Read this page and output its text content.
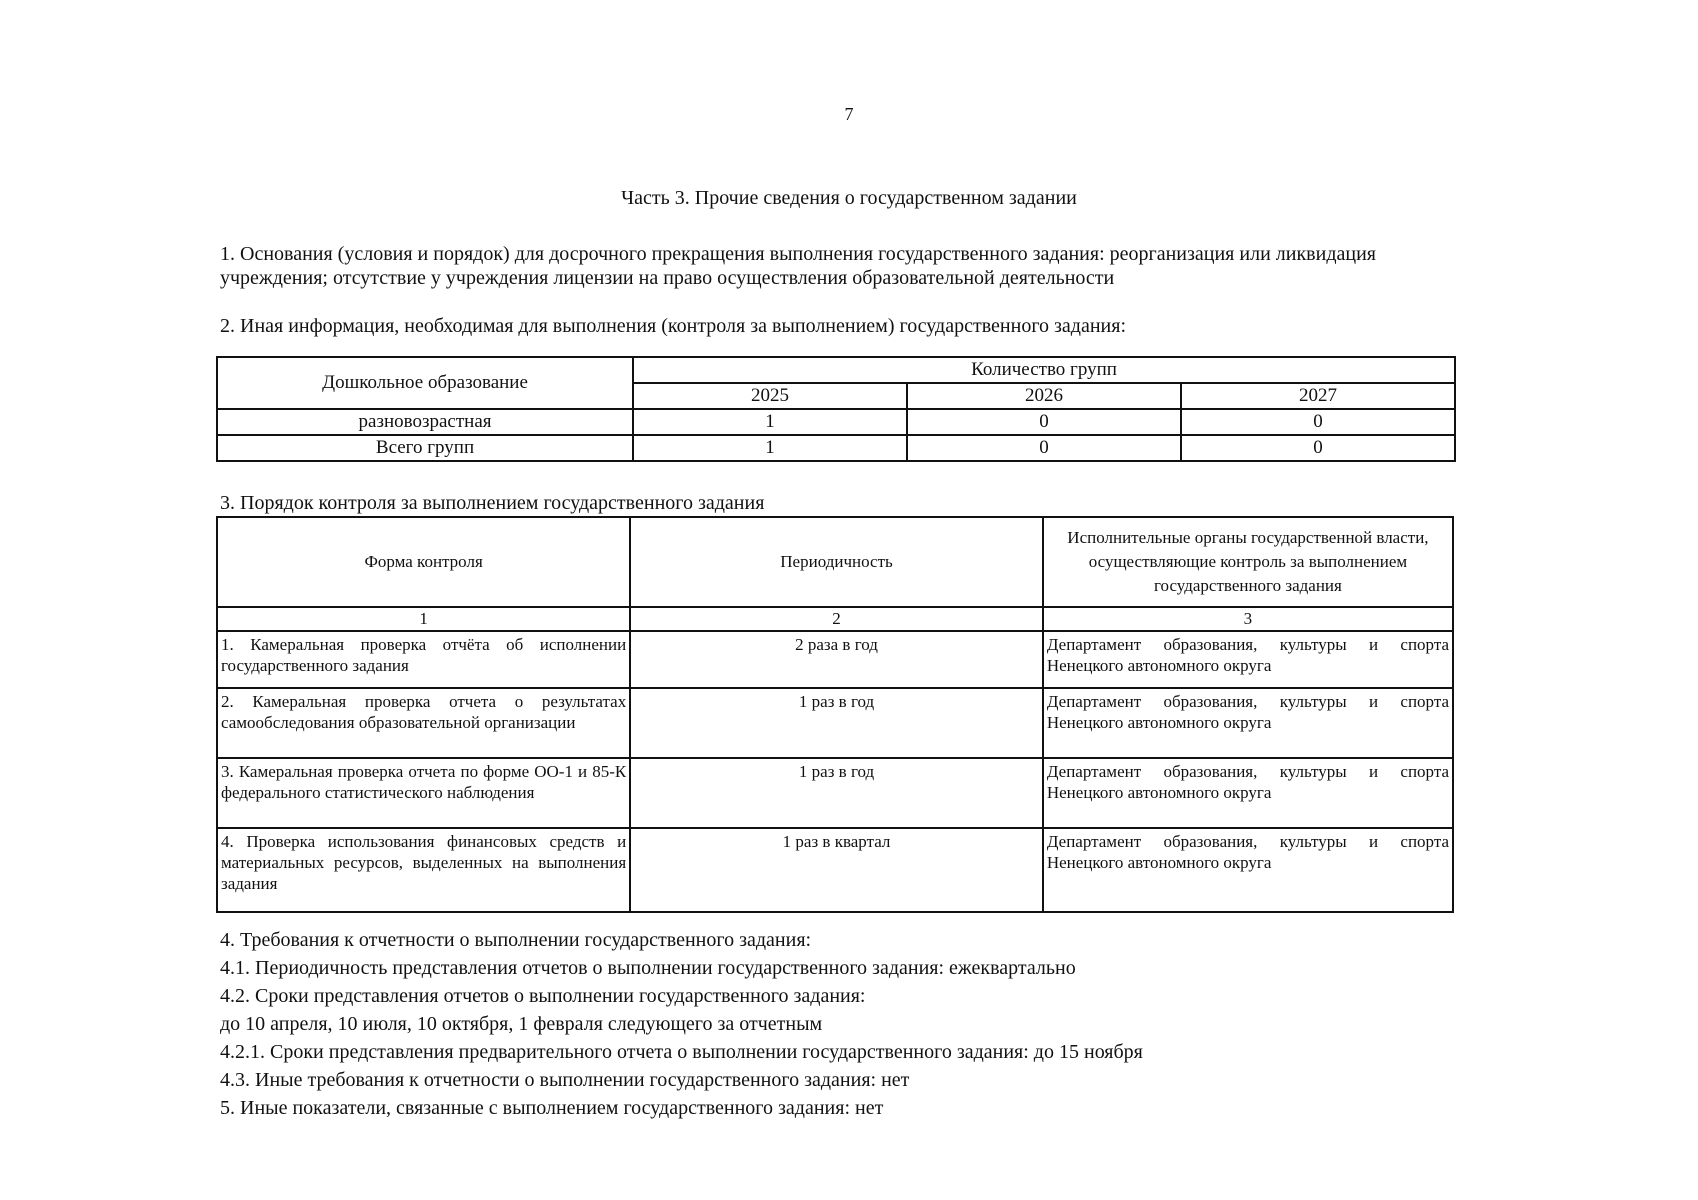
7
Часть 3. Прочие сведения о государственном задании
1. Основания (условия и порядок) для досрочного прекращения выполнения государственного задания: реорганизация или ликвидация учреждения; отсутствие у учреждения лицензии на право осуществления образовательной деятельности
2. Иная информация, необходимая для выполнения (контроля за выполнением) государственного задания:
Дошкольное образование	Количество групп		
	2025	2026	2027
разновозрастная	1	0	0
Всего групп	1	0	0
3. Порядок контроля за выполнением государственного задания
Форма контроля	Периодичность	Исполнительные органы государственной власти, осуществляющие контроль за выполнением государственного задания
1	2	3
1. Камеральная проверка отчёта об исполнении государственного задания	2 раза в год	Департамент образования, культуры и спорта Ненецкого автономного округа
2. Камеральная проверка отчета о результатах самообследования образовательной организации	1 раз в год	Департамент образования, культуры и спорта Ненецкого автономного округа
3. Камеральная проверка отчета по форме ОО-1 и 85-К федерального статистического наблюдения	1 раз в год	Департамент образования, культуры и спорта Ненецкого автономного округа
4. Проверка использования финансовых средств и материальных ресурсов, выделенных на выполнения задания	1 раз в квартал	Департамент образования, культуры и спорта Ненецкого автономного округа
4. Требования к отчетности о выполнении государственного задания:
4.1. Периодичность представления отчетов о выполнении государственного задания: ежеквартально
4.2. Сроки представления отчетов о выполнении государственного задания:
до 10 апреля, 10 июля, 10 октября, 1 февраля следующего за отчетным
4.2.1. Сроки представления предварительного отчета о выполнении государственного задания: до 15 ноября
4.3. Иные требования к отчетности о выполнении государственного задания: нет
5. Иные показатели, связанные с выполнением государственного задания: нет
